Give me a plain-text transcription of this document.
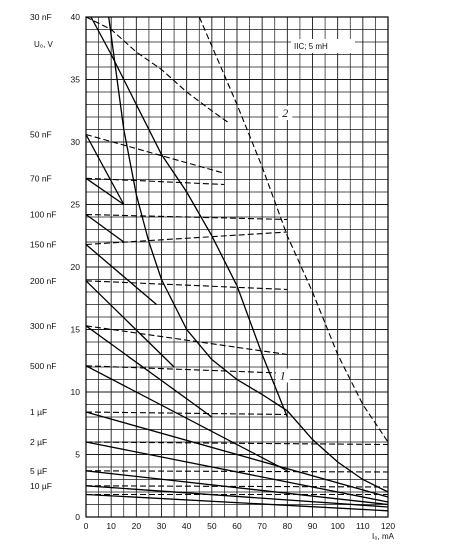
0 10 20 30 40 50 60 70 80 90 100 110 120
0
5
10
15
20
25
30
35
40
30 nF
50 nF
70 nF
100 nF
150 nF
200 nF
300 nF
500 nF
1 µF
2 µF
5 µF
10 µF
1
2
U₀, V
I₀, mA
IIC; 5 mH
